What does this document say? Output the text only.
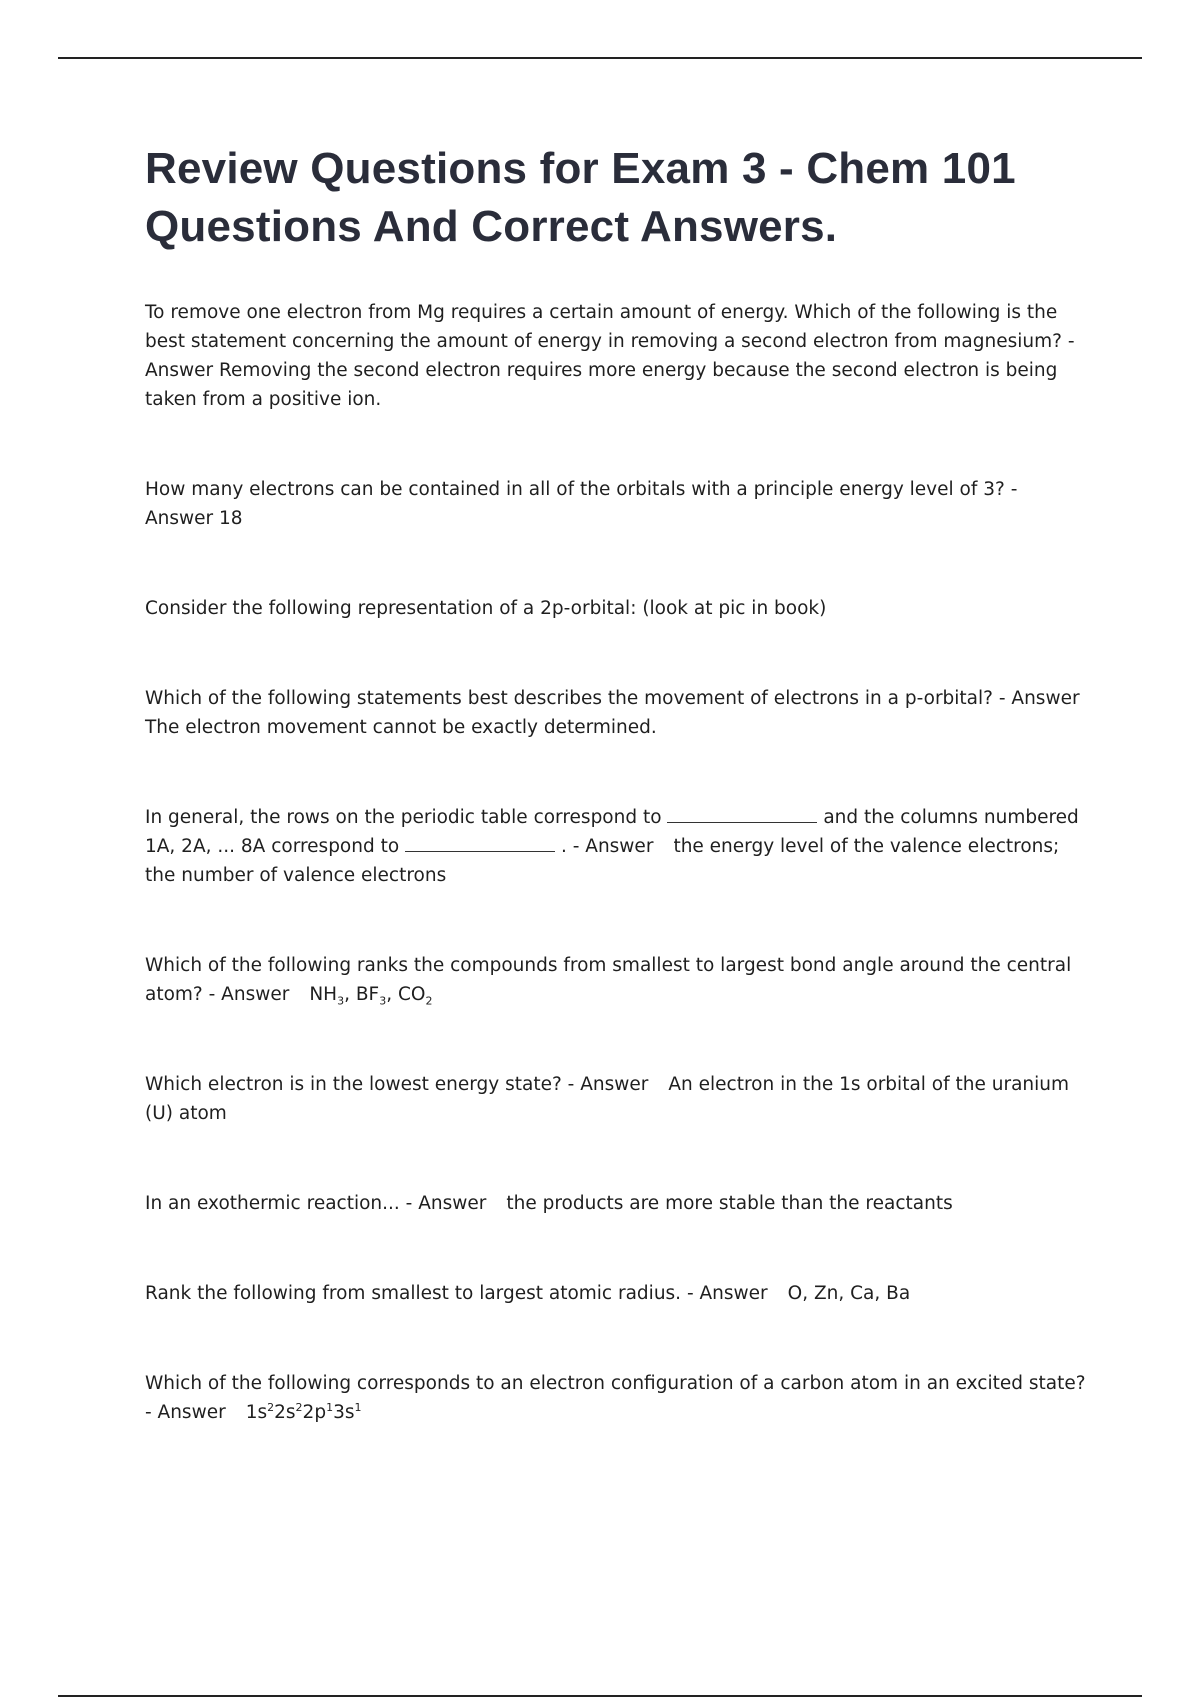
Review Questions for Exam 3 - Chem 101 Questions And Correct Answers.

To remove one electron from Mg requires a certain amount of energy. Which of the following is the best statement concerning the amount of energy in removing a second electron from magnesium? - Answer Removing the second electron requires more energy because the second electron is being taken from a positive ion.

How many electrons can be contained in all of the orbitals with a principle energy level of 3? - Answer 18

Consider the following representation of a 2p-orbital: (look at pic in book)

Which of the following statements best describes the movement of electrons in a p-orbital? - Answer The electron movement cannot be exactly determined.

In general, the rows on the periodic table correspond to	and the columns numbered 1A, 2A, ... 8A correspond to	. - Answer the energy level of the valence electrons; the number of valence electrons

Which of the following ranks the compounds from smallest to largest bond angle around the central atom? - Answer $NH_3$, $BF_3$, $CO_2$

Which electron is in the lowest energy state? - Answer An electron in the 1s orbital of the uranium (U) atom

In an exothermic reaction... - Answer the products are more stable than the reactants

Rank the following from smallest to largest atomic radius. - Answer O, Zn, Ca, Ba

Which of the following corresponds to an electron configuration of a carbon atom in an excited state? - Answer $1s^22s^22p^13s^1$
